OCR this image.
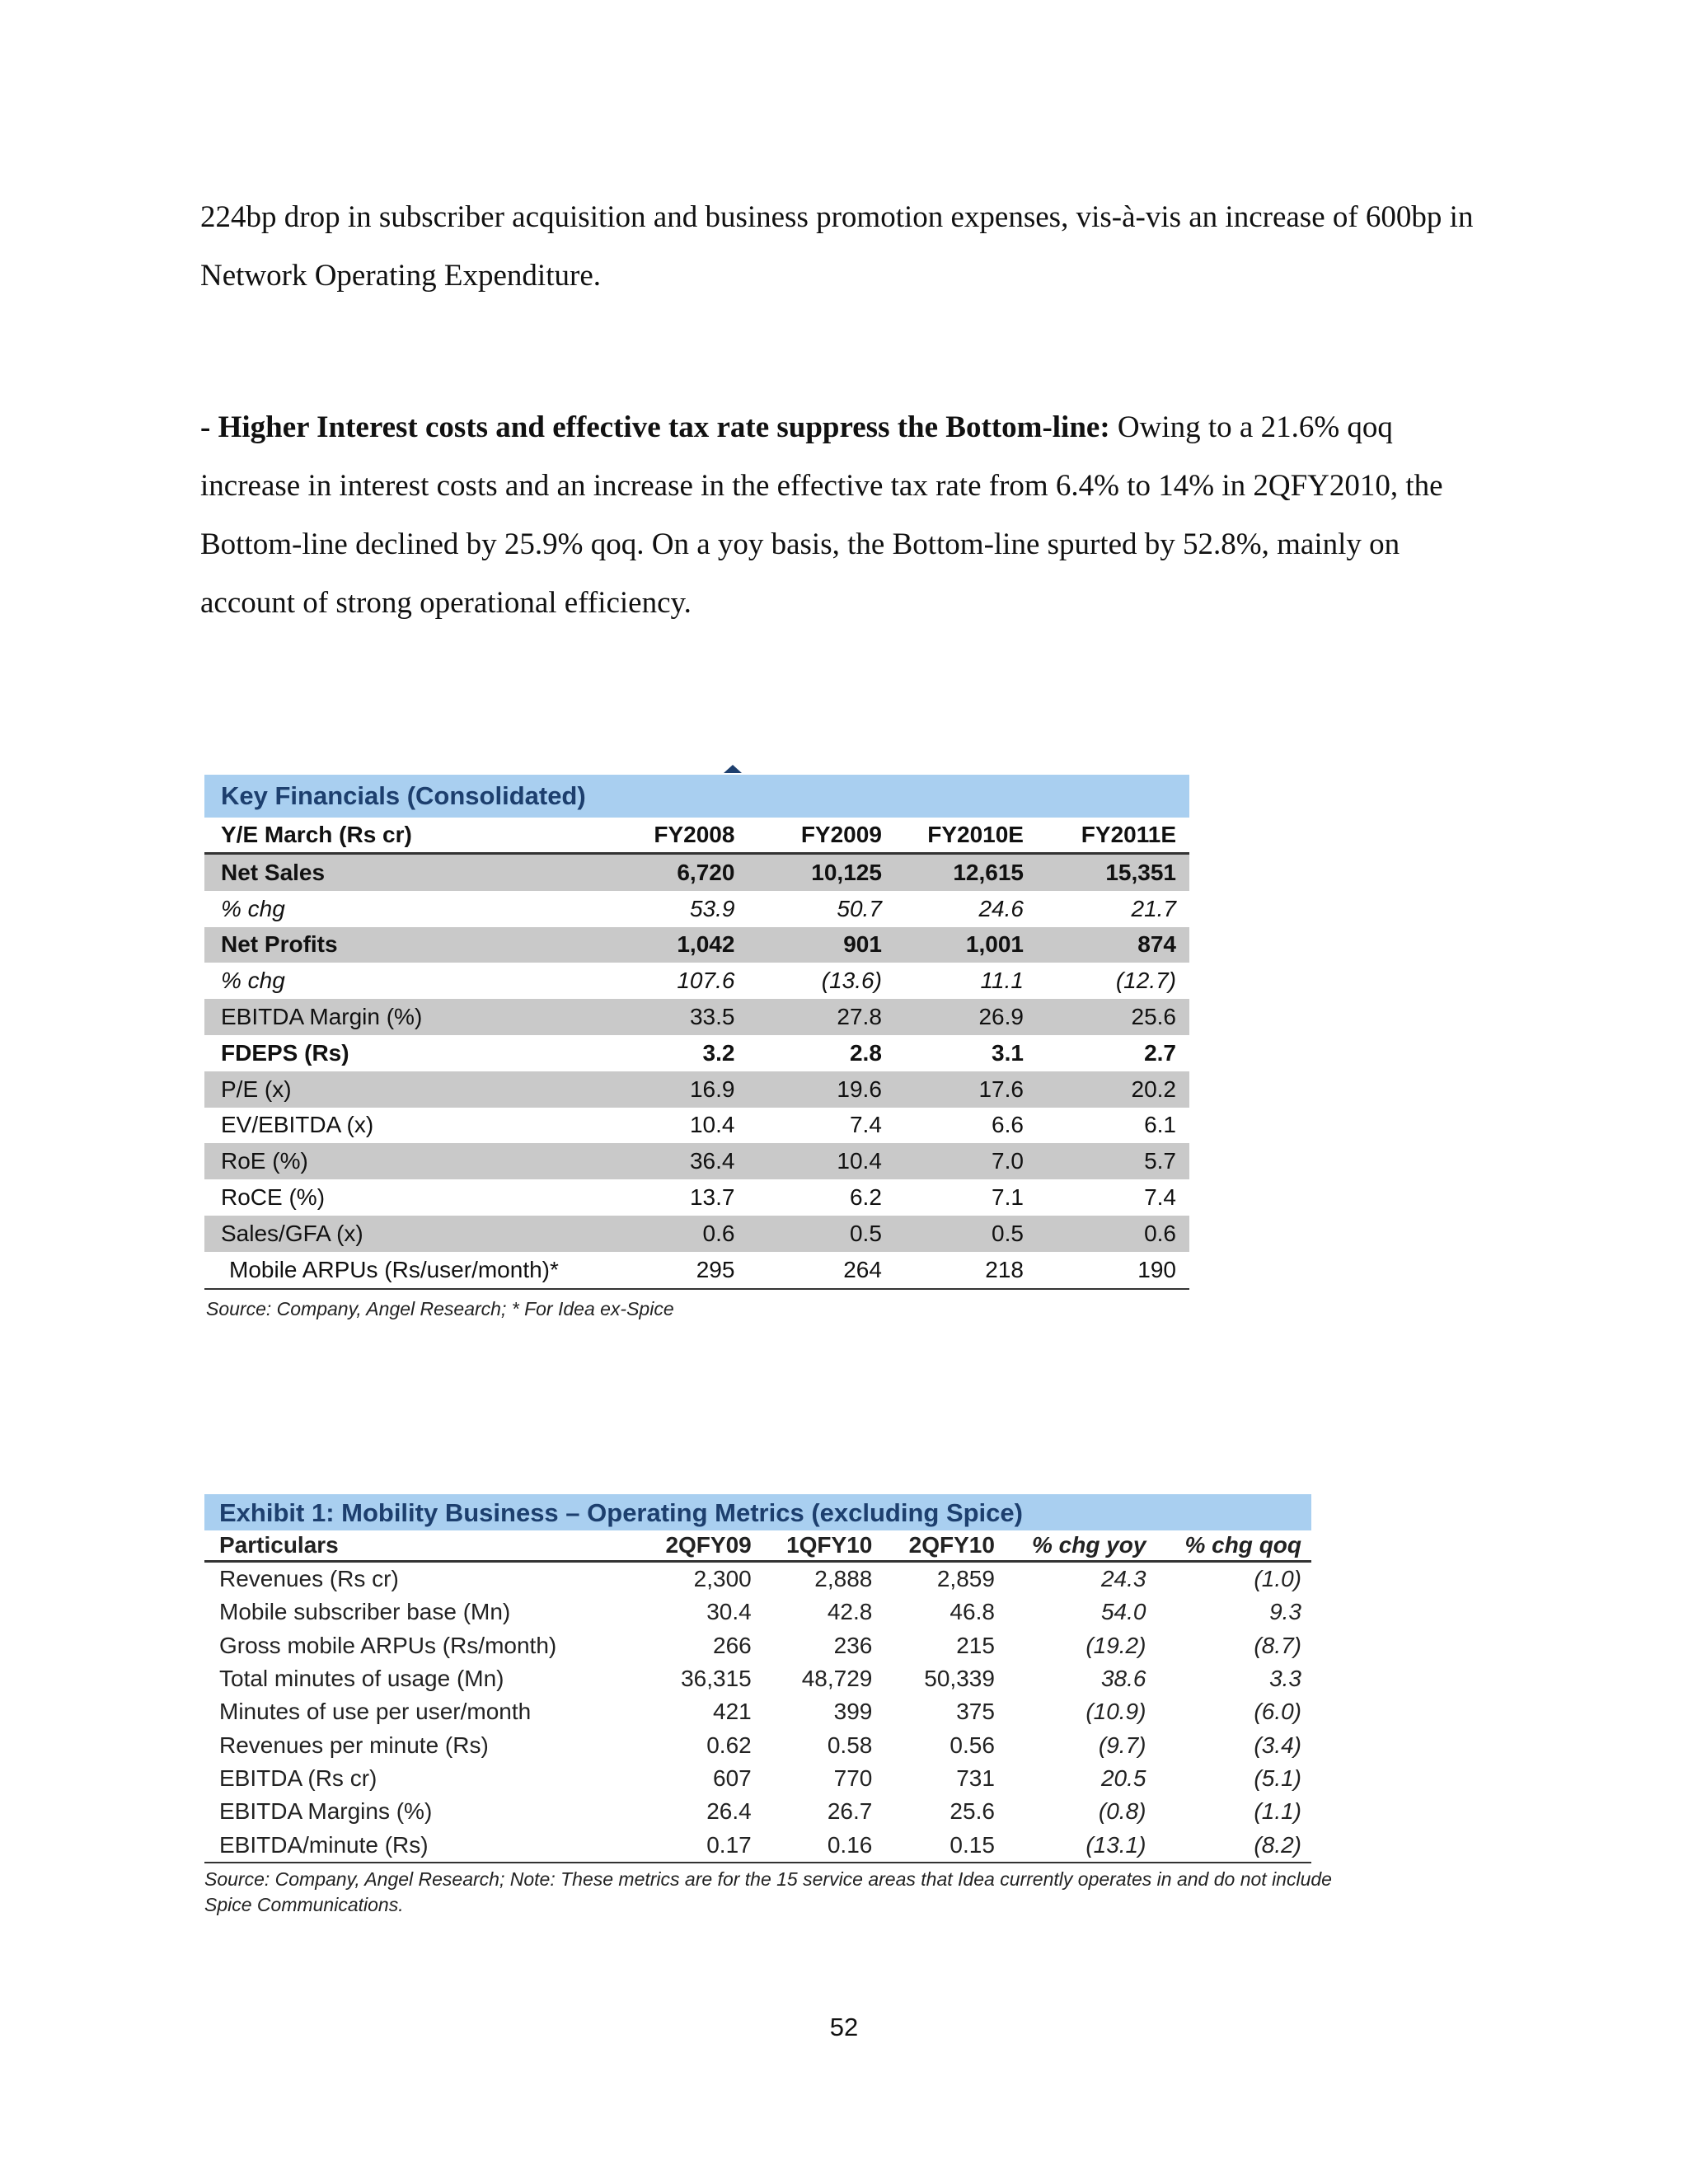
224bp drop in subscriber acquisition and business promotion expenses, vis-à-vis an increase of 600bp in Network Operating Expenditure.

- Higher Interest costs and effective tax rate suppress the Bottom-line: Owing to a 21.6% qoq increase in interest costs and an increase in the effective tax rate from 6.4% to 14% in 2QFY2010, the Bottom-line declined by 25.9% qoq. On a yoy basis, the Bottom-line spurted by 52.8%, mainly on account of strong operational efficiency.

Key Financials (Consolidated)
Y/E March (Rs cr)	FY2008	FY2009	FY2010E	FY2011E
Net Sales	6,720	10,125	12,615	15,351
% chg	53.9	50.7	24.6	21.7
Net Profits	1,042	901	1,001	874
% chg	107.6	(13.6)	11.1	(12.7)
EBITDA Margin (%)	33.5	27.8	26.9	25.6
FDEPS (Rs)	3.2	2.8	3.1	2.7
P/E (x)	16.9	19.6	17.6	20.2
EV/EBITDA (x)	10.4	7.4	6.6	6.1
RoE (%)	36.4	10.4	7.0	5.7
RoCE (%)	13.7	6.2	7.1	7.4
Sales/GFA (x)	0.6	0.5	0.5	0.6
Mobile ARPUs (Rs/user/month)*	295	264	218	190
Source: Company, Angel Research; * For Idea ex-Spice
Exhibit 1: Mobility Business – Operating Metrics (excluding Spice)
Particulars	2QFY09	1QFY10	2QFY10	% chg yoy	% chg qoq
Revenues (Rs cr)	2,300	2,888	2,859	24.3	(1.0)
Mobile subscriber base (Mn)	30.4	42.8	46.8	54.0	9.3
Gross mobile ARPUs (Rs/month)	266	236	215	(19.2)	(8.7)
Total minutes of usage (Mn)	36,315	48,729	50,339	38.6	3.3
Minutes of use per user/month	421	399	375	(10.9)	(6.0)
Revenues per minute (Rs)	0.62	0.58	0.56	(9.7)	(3.4)
EBITDA (Rs cr)	607	770	731	20.5	(5.1)
EBITDA Margins (%)	26.4	26.7	25.6	(0.8)	(1.1)
EBITDA/minute (Rs)	0.17	0.16	0.15	(13.1)	(8.2)
Source: Company, Angel Research; Note: These metrics are for the 15 service areas that Idea currently operates in and do not include Spice Communications.
52
